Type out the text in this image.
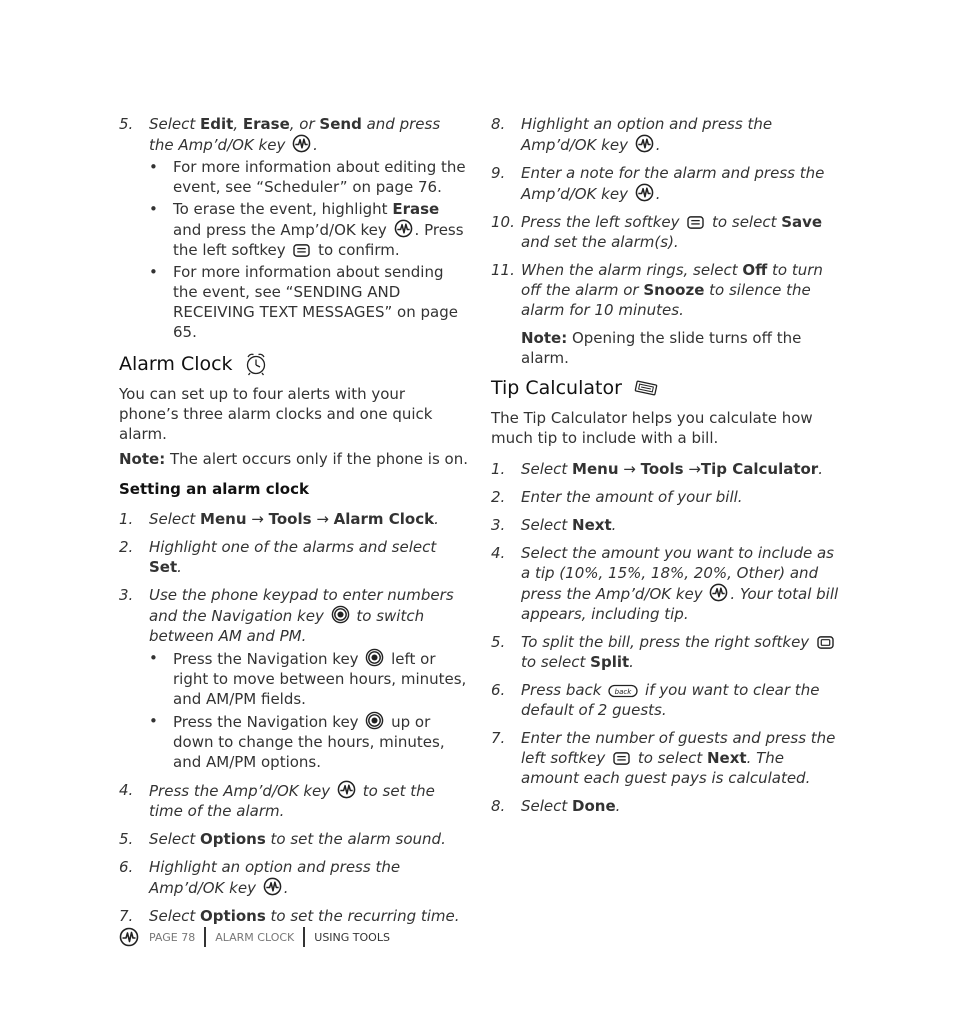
5. Select Edit, Erase, or Send and press the Amp’d/OK key .
• For more information about editing the event, see “Scheduler” on page 76.
• To erase the event, highlight Erase and press the Amp’d/OK key . Press the left softkey  to confirm.
• For more information about sending the event, see “SENDING AND RECEIVING TEXT MESSAGES” on page 65.
Alarm Clock

You can set up to four alerts with your phone’s three alarm clocks and one quick alarm.

Note: The alert occurs only if the phone is on.

Setting an alarm clock
1. Select Menu → Tools → Alarm Clock.
2. Highlight one of the alarms and select Set.
3. Use the phone keypad to enter numbers and the Navigation key  to switch between AM and PM.
• Press the Navigation key  left or right to move between hours, minutes, and AM/PM fields.
• Press the Navigation key  up or down to change the hours, minutes, and AM/PM options.
4. Press the Amp’d/OK key  to set the time of the alarm.
5. Select Options to set the alarm sound.
6. Highlight an option and press the Amp’d/OK key .
7. Select Options to set the recurring time.
8. Highlight an option and press the Amp’d/OK key .
9. Enter a note for the alarm and press the Amp’d/OK key .
10. Press the left softkey  to select Save and set the alarm(s).
11. When the alarm rings, select Off to turn off the alarm or Snooze to silence the alarm for 10 minutes.

Note: Opening the slide turns off the alarm.

Tip Calculator

The Tip Calculator helps you calculate how much tip to include with a bill.

1. Select Menu → Tools →Tip Calculator.
2. Enter the amount of your bill.
3. Select Next.
4. Select the amount you want to include as a tip (10%, 15%, 18%, 20%, Other) and press the Amp’d/OK key . Your total bill appears, including tip.
5. To split the bill, press the right softkey  to select Split.
6. Press back back if you want to clear the default of 2 guests.
7. Enter the number of guests and press the left softkey  to select Next. The amount each guest pays is calculated.
8. Select Done.
PAGE 78 ALARM CLOCK USING TOOLS
